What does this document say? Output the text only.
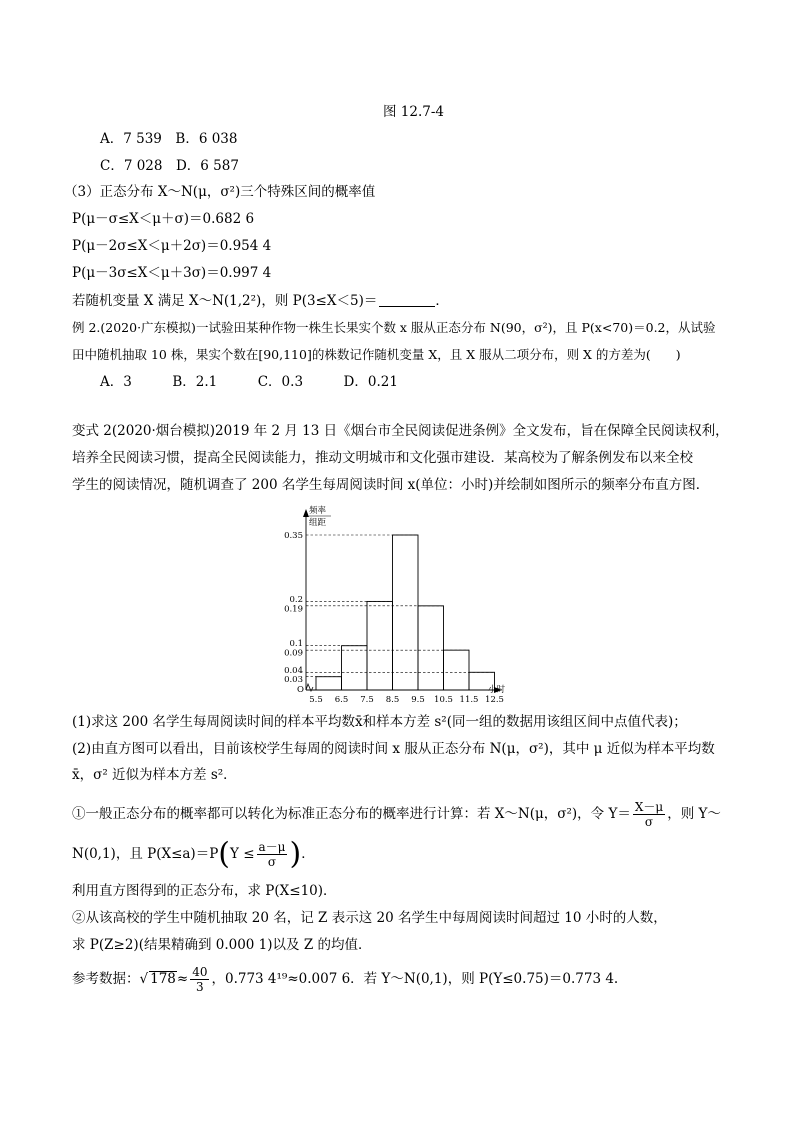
图 12.7-4
A．7 539　B．6 038
C．7 028　D．6 587
（3）正态分布 X～N(μ，σ²)三个特殊区间的概率值
P(μ－σ≤X＜μ＋σ)＝0.682 6
P(μ－2σ≤X＜μ＋2σ)＝0.954 4
P(μ－3σ≤X＜μ＋3σ)＝0.997 4
若随机变量 X 满足 X～N(1,2²)，则 P(3≤X＜5)＝	．
例 2.(2020·广东模拟)一试验田某种作物一株生长果实个数 x 服从正态分布 N(90，σ²)，且 P(x<70)＝0.2，从试验
田中随机抽取 10 株，果实个数在[90,110]的株数记作随机变量 X，且 X 服从二项分布，则 X 的方差为(　　)
A．3　　　B．2.1　　　C．0.3　　　D．0.21
变式 2(2020·烟台模拟)2019 年 2 月 13 日《烟台市全民阅读促进条例》全文发布，旨在保障全民阅读权利，
培养全民阅读习惯，提高全民阅读能力，推动文明城市和文化强市建设．某高校为了解条例发布以来全校
学生的阅读情况，随机调查了 200 名学生每周阅读时间 x(单位：小时)并绘制如图所示的频率分布直方图．
频率
组距
O	小时
0.35
0.2
0.19
0.1
0.09
0.04
0.03
5.5 6.5 7.5 8.5 9.5 10.5 11.5 12.5
(1)求这 200 名学生每周阅读时间的样本平均数x̄和样本方差 s²(同一组的数据用该组区间中点值代表)；
(2)由直方图可以看出，目前该校学生每周的阅读时间 x 服从正态分布 N(μ，σ²)，其中 μ 近似为样本平均数
x̄，σ² 近似为样本方差 s²．
①一般正态分布的概率都可以转化为标准正态分布的概率进行计算：若 X～N(μ，σ²)，令 $Y= \frac{X-\mu}{\sigma}$ ，则 Y～
N(0,1)，且 $P(X\le a)=P(Y \le \frac{a-\mu}{\sigma}$ )．
利用直方图得到的正态分布，求 P(X≤10)．
②从该高校的学生中随机抽取 20 名，记 Z 表示这 20 名学生中每周阅读时间超过 10 小时的人数，
求 P(Z≥2)(结果精确到 0.000 1)以及 Z 的均值．
参考数据：√ $178\approx \frac{40}{3}$ ，0.773 4¹⁹≈0.007 6．若 Y～N(0,1)，则 P(Y≤0.75)＝0.773 4.
